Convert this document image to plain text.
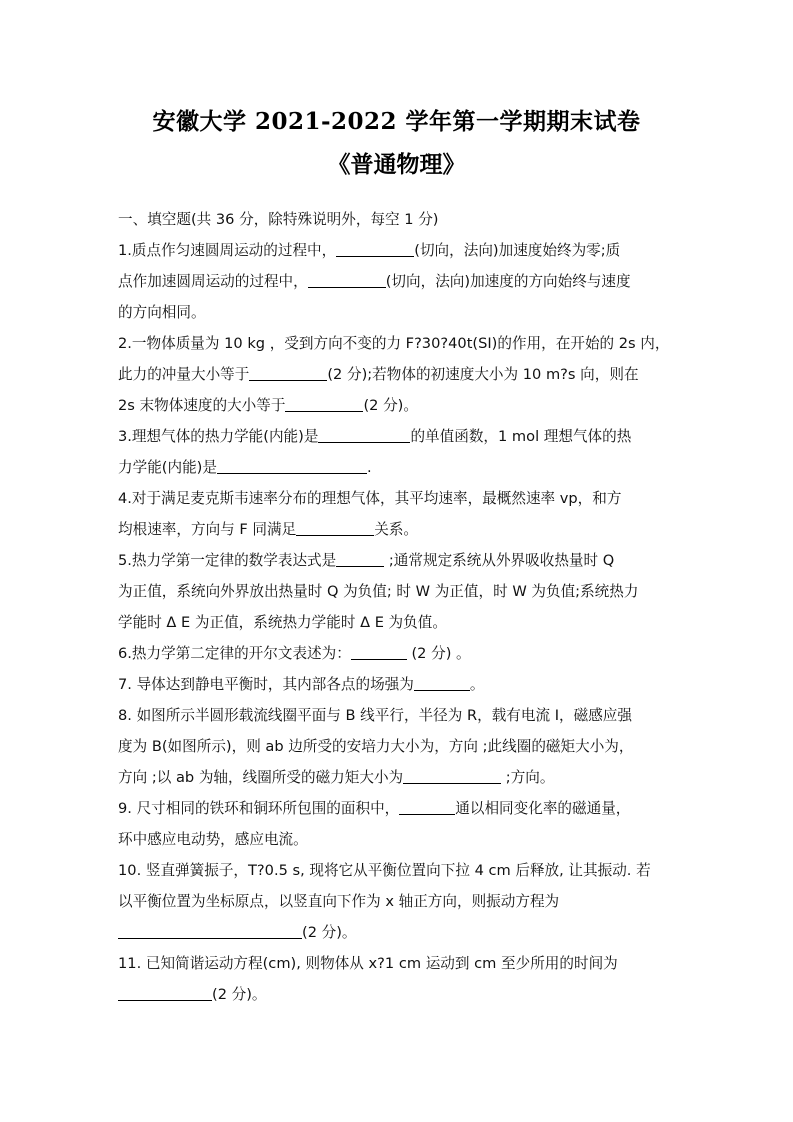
安徽大学 2021-2022 学年第一学期期末试卷
《普通物理》
一、填空题(共 36 分，除特殊说明外，每空 1 分)
1.质点作匀速圆周运动的过程中，	(切向，法向)加速度始终为零;质
点作加速圆周运动的过程中，	(切向，法向)加速度的方向始终与速度
的方向相同。
2.一物体质量为 10 kg ，受到方向不变的力 F?30?40t(SI)的作用，在开始的 2s 内，
此力的冲量大小等于	(2 分);若物体的初速度大小为 10 m?s 向，则在
2s 末物体速度的大小等于	(2 分)。
3.理想气体的热力学能(内能)是	的单值函数，1 mol 理想气体的热
力学能(内能)是	.
4.对于满足麦克斯韦速率分布的理想气体，其平均速率，最概然速率 vp，和方
均根速率，方向与 F 同满足	关系。
5.热力学第一定律的数学表达式是	;通常规定系统从外界吸收热量时 Q
为正值，系统向外界放出热量时 Q 为负值; 时 W 为正值，时 W 为负值;系统热力
学能时 Δ E 为正值，系统热力学能时 Δ E 为负值。
6.热力学第二定律的开尔文表述为：	(2 分) 。
7. 导体达到静电平衡时，其内部各点的场强为	。
8. 如图所示半圆形载流线圈平面与 B 线平行，半径为 R，载有电流 I，磁感应强
度为 B(如图所示)，则 ab 边所受的安培力大小为，方向 ;此线圈的磁矩大小为，
方向 ;以 ab 为轴，线圈所受的磁力矩大小为	;方向。
9. 尺寸相同的铁环和铜环所包围的面积中，	通以相同变化率的磁通量，
环中感应电动势，感应电流。
10. 竖直弹簧振子，T?0.5 s, 现将它从平衡位置向下拉 4 cm 后释放, 让其振动. 若
以平衡位置为坐标原点，以竖直向下作为 x 轴正方向，则振动方程为
(2 分)。
11. 已知简谐运动方程(cm), 则物体从 x?1 cm 运动到 cm 至少所用的时间为
(2 分)。
